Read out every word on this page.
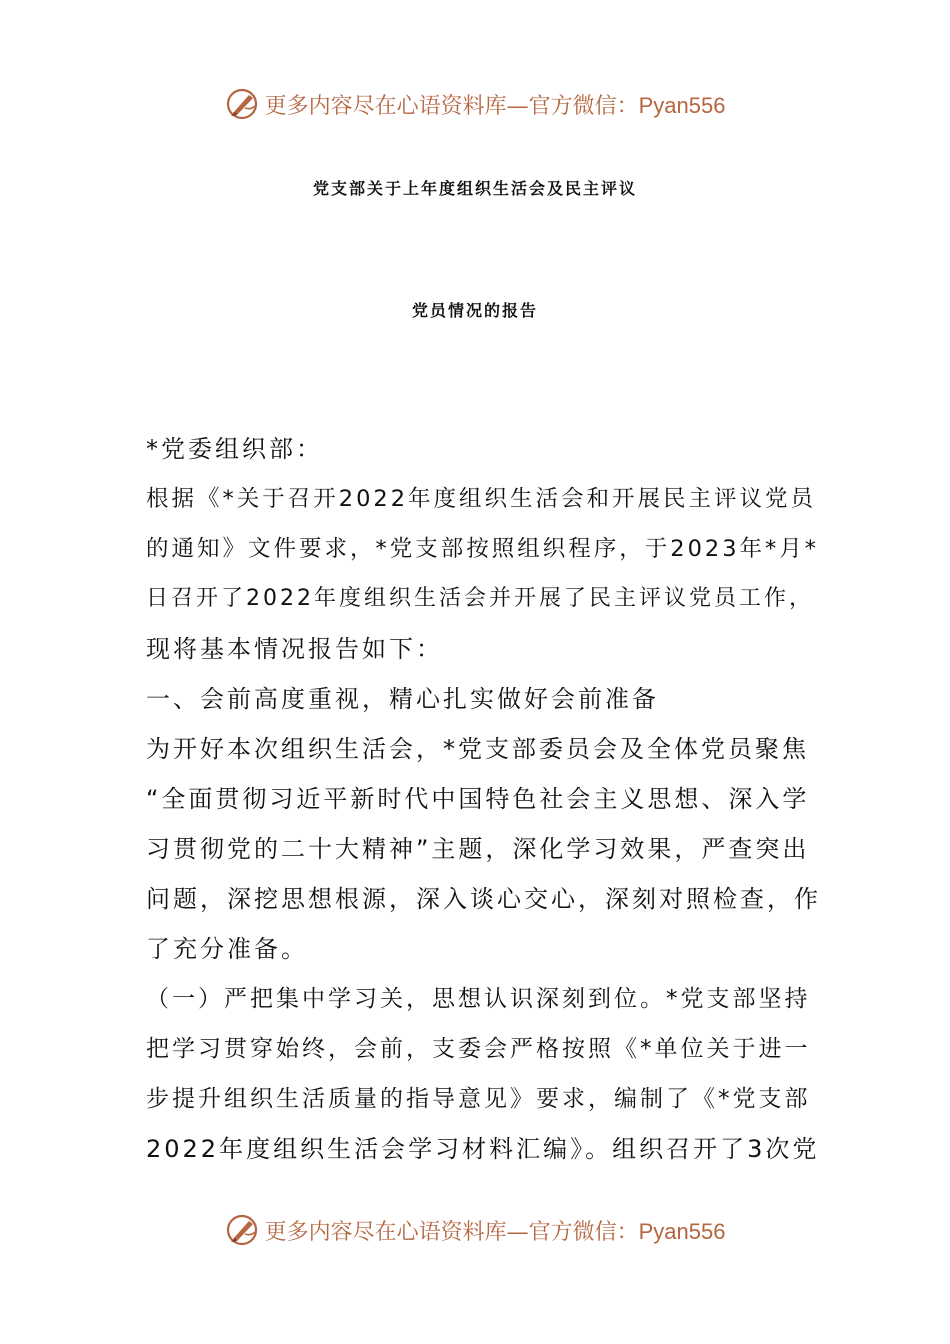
更多内容尽在心语资料库—官方微信：Pyan556
党支部关于上年度组织生活会及民主评议
党员情况的报告
*党委组织部：
根据《*关于召开2022年度组织生活会和开展民主评议党员
的通知》文件要求，*党支部按照组织程序，于2023年*月*
日召开了2022年度组织生活会并开展了民主评议党员工作，
现将基本情况报告如下：
一、会前高度重视，精心扎实做好会前准备
为开好本次组织生活会，*党支部委员会及全体党员聚焦
“全面贯彻习近平新时代中国特色社会主义思想、深入学
习贯彻党的二十大精神”主题，深化学习效果，严查突出
问题，深挖思想根源，深入谈心交心，深刻对照检查，作
了充分准备。
（一）严把集中学习关，思想认识深刻到位。*党支部坚持
把学习贯穿始终，会前，支委会严格按照《*单位关于进一
步提升组织生活质量的指导意见》要求，编制了《*党支部
2022年度组织生活会学习材料汇编》。组织召开了3次党
更多内容尽在心语资料库—官方微信：Pyan556
